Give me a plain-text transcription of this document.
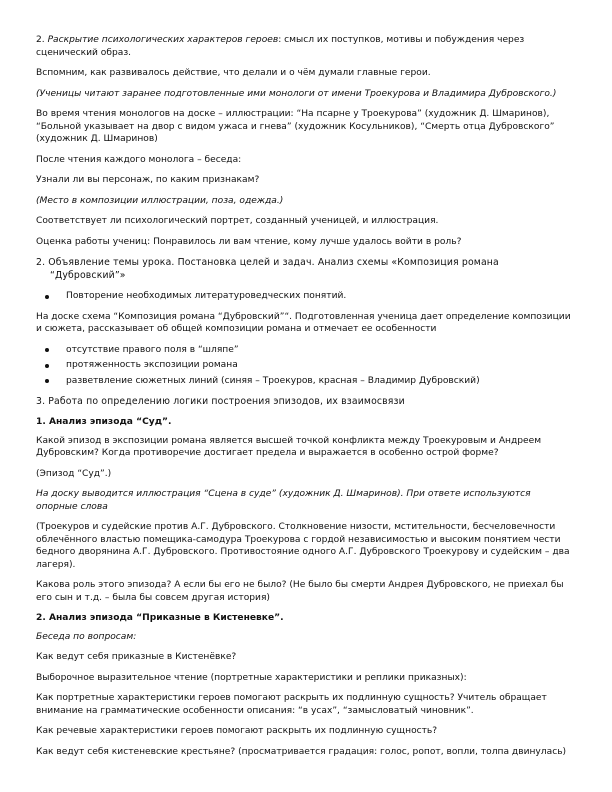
2. Раскрытие психологических характеров героев: смысл их поступков, мотивы и побуждения через сценический образ.

Вспомним, как развивалось действие, что делали и о чём думали главные герои.

(Ученицы читают заранее подготовленные ими монологи от имени Троекурова и Владимира Дубровского.)

Во время чтения монологов на доске – иллюстрации: “На псарне у Троекурова” (художник Д. Шмаринов), “Больной указывает на двор с видом ужаса и гнева” (художник Косульников), “Смерть отца Дубровского” (художник Д. Шмаринов)

После чтения каждого монолога – беседа:

Узнали ли вы персонаж, по каким признакам?

(Место в композиции иллюстрации, поза, одежда.)

Соответствует ли психологический портрет, созданный ученицей, и иллюстрация.

Оценка работы учениц: Понравилось ли вам чтение, кому лучше удалось войти в роль?

2. Объявление темы урока. Постановка целей и задач. Анализ схемы «Композиция романа
“Дубровский”»
Повторение необходимых литературоведческих понятий.

На доске схема “Композиция романа “Дубровский”“. Подготовленная ученица дает определение композиции и сюжета, рассказывает об общей композиции романа и отмечает ее особенности

отсутствие правого поля в “шляпе”
протяженность экспозиции романа
разветвление сюжетных линий (синяя – Троекуров, красная – Владимир Дубровский)
3. Работа по определению логики построения эпизодов, их взаимосвязи

1. Анализ эпизода “Суд”.

Какой эпизод в экспозиции романа является высшей точкой конфликта между Троекуровым и Андреем Дубровским? Когда противоречие достигает предела и выражается в особенно острой форме?

(Эпизод “Суд”.)

На доску выводится иллюстрация “Сцена в суде” (художник Д. Шмаринов). При ответе используются опорные слова

(Троекуров и судейские против А.Г. Дубровского. Столкновение низости, мстительности, бесчеловечности облечённого властью помещика-самодура Троекурова с гордой независимостью и высоким понятием чести бедного дворянина А.Г. Дубровского. Противостояние одного А.Г. Дубровского Троекурову и судейским – два лагеря).

Какова роль этого эпизода? А если бы его не было? (Не было бы смерти Андрея Дубровского, не приехал бы его сын и т.д. – была бы совсем другая история)

2. Анализ эпизода “Приказные в Кистеневке”.

Беседа по вопросам:

Как ведут себя приказные в Кистенёвке?

Выборочное выразительное чтение (портретные характеристики и реплики приказных):

Как портретные характеристики героев помогают раскрыть их подлинную сущность? Учитель обращает внимание на грамматические особенности описания: “в усах”, “замысловатый чиновник”.

Как речевые характеристики героев помогают раскрыть их подлинную сущность?

Как ведут себя кистеневские крестьяне? (просматривается градация: голос, ропот, вопли, толпа двинулась)
